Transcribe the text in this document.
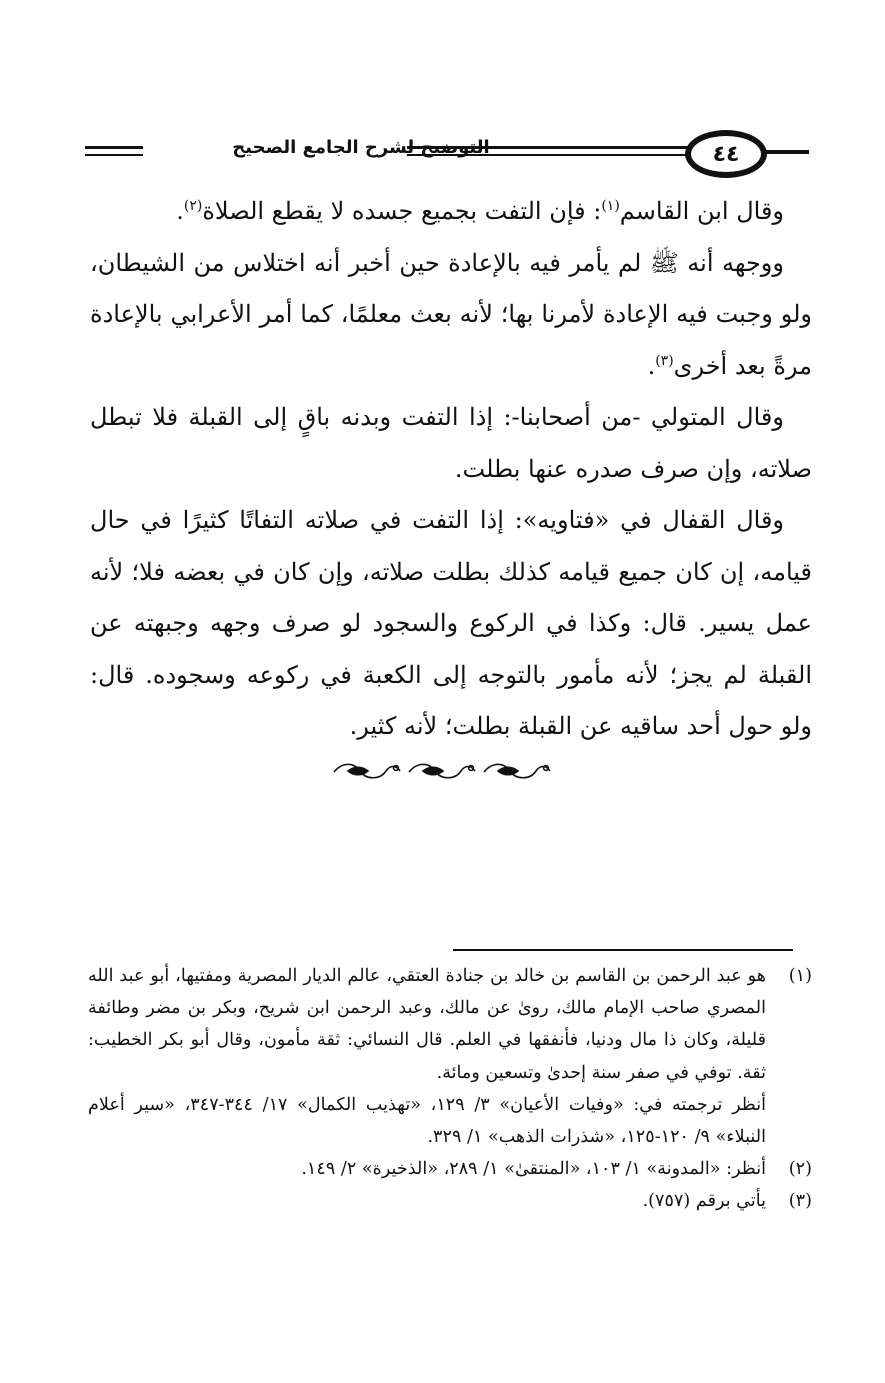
التوضيح لشرح الجامع الصحيح	٤٤

وقال ابن القاسم$^{(١)}$: فإن التفت بجميع جسده لا يقطع الصلاة$^{(٢)}$.

ووجهه أنه ﷺ لم يأمر فيه بالإعادة حين أخبر أنه اختلاس من الشيطان، ولو وجبت فيه الإعادة لأمرنا بها؛ لأنه بعث معلمًا، كما أمر الأعرابي بالإعادة مرةً بعد أخرى$^{(٣)}$.

وقال المتولي -من أصحابنا-: إذا التفت وبدنه باقٍ إلى القبلة فلا تبطل صلاته، وإن صرف صدره عنها بطلت.

وقال القفال في «فتاويه»: إذا التفت في صلاته التفاتًا كثيرًا في حال قيامه، إن كان جميع قيامه كذلك بطلت صلاته، وإن كان في بعضه فلا؛ لأنه عمل يسير. قال: وكذا في الركوع والسجود لو صرف وجهه وجبهته عن القبلة لم يجز؛ لأنه مأمور بالتوجه إلى الكعبة في ركوعه وسجوده. قال: ولو حول أحد ساقيه عن القبلة بطلت؛ لأنه كثير.

(١)

هو عبد الرحمن بن القاسم بن خالد بن جنادة العتقي، عالم الديار المصرية ومفتيها، أبو عبد الله المصري صاحب الإمام مالك، روىٰ عن مالك، وعبد الرحمن ابن شريح، وبكر بن مضر وطائفة قليلة، وكان ذا مال ودنيا، فأنفقها في العلم. قال النسائي: ثقة مأمون، وقال أبو بكر الخطيب: ثقة. توفي في صفر سنة إحدىٰ وتسعين ومائة.

أنظر ترجمته في: «وفيات الأعيان» ٣/ ١٢٩، «تهذيب الكمال» ١٧/ ٣٤٤-٣٤٧، «سير أعلام النبلاء» ٩/ ١٢٠-١٢٥، «شذرات الذهب» ١/ ٣٢٩.

(٢)

أنظر: «المدونة» ١/ ١٠٣، «المنتقىٰ» ١/ ٢٨٩، «الذخيرة» ٢/ ١٤٩.

(٣)

يأتي برقم (٧٥٧).
